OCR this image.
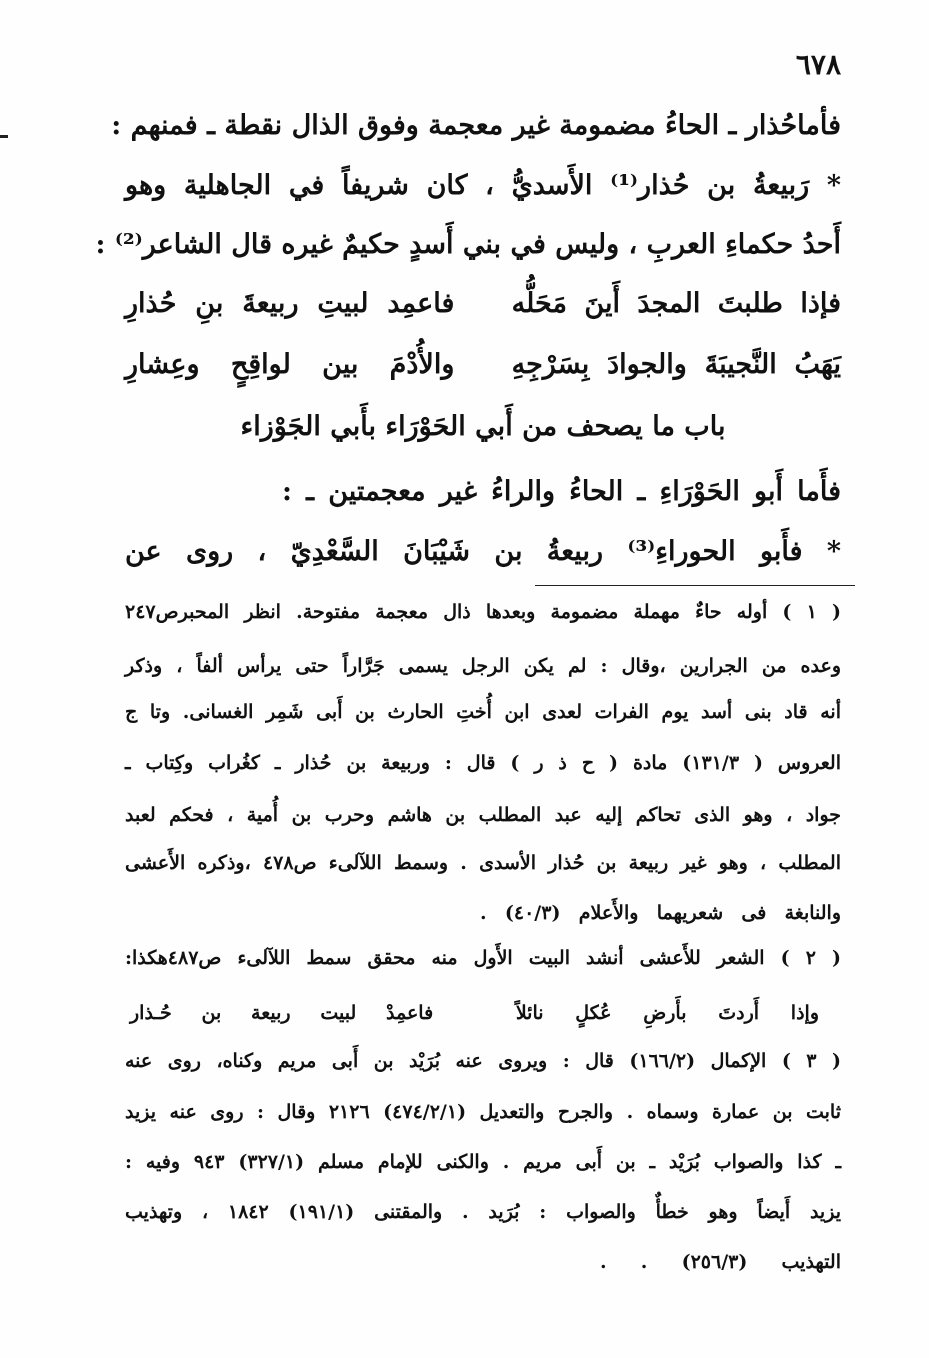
٦٧٨
فأماحُذار ـ الحاءُ مضمومة غير معجمة وفوق الذال نقطة ـ فمنهم :
* رَبيعةُ بن حُذار⁽¹⁾ الأَسديُّ ، كان شريفاً في الجاهلية وهو
أَحدُ حكماءِ العربِ ، وليس في بني أَسدٍ حكيمٌ غيره قال الشاعر⁽²⁾ :
فإذا طلبتَ المجدَ أَينَ مَحَلُّه
فاعمِد لبيتِ ربيعةَ بنِ حُذارِ
يَهَبُ النَّجيبَةَ والجوادَ بِسَرْجِهِ
والأُدْمَ بين لواقِحٍ وعِشارِ
باب ما يصحف من أَبي الحَوْرَاء بأَبي الجَوْزاء
فأَما أَبو الحَوْرَاءِ ـ الحاءُ والراءُ غير معجمتين ـ :
* فأَبو الحوراءِ⁽³⁾ ربيعةُ بن شَيْبَانَ السَّعْدِيّ ، روى عن
( ١ ) أوله حاءٌ مهملة مضمومة وبعدها ذال معجمة مفتوحة. انظر المحبرص٢٤٧
وعده من الجرارين ،وقال : لم يكن الرجل يسمى جَرَّاراً حتى يرأس ألفاً ، وذكر
أنه قاد بنى أسد يوم الفرات لعدى ابن أُختِ الحارث بن أَبى شَمِر الغسانى. وتا ج
العروس ( ١٣١/٣) مادة ( ح ذ ر ) قال : وربيعة بن حُذار ـ كغُراب وكِتاب ـ
جواد ، وهو الذى تحاكم إليه عبد المطلب بن هاشم وحرب بن أُمية ، فحكم لعبد
المطلب ، وهو غير ربيعة بن حُذار الأسدى . وسمط اللآلىء ص٤٧٨ ،وذكره الأَعشى
والنابغة فى شعريهما والأَعلام (٤٠/٣) .
( ٢ ) الشعر للأَعشى أنشد البيت الأَول منه محقق سمط اللآلىء ص٤٨٧هكذا:
وإذا أَردتَ بأَرضِ عُكلٍ نائلاً
فاعمِدْ لبيت ربيعة بن حُـذار
( ٣ ) الإكمال (١٦٦/٢) قال : ويروى عنه بُرَيْد بن أَبى مريم وكناه، روى عنه
ثابت بن عمارة وسماه . والجرح والتعديل (٤٧٤/٢/١) ٢١٢٦ وقال : روى عنه يزيد
ـ كذا والصواب بُرَيْد ـ بن أَبى مريم . والكنى للإمام مسلم (٣٢٧/١) ٩٤٣ وفيه :
يزيد أَيضاً وهو خطأٌ والصواب : بُرَيد . والمقتنى (١٩١/١) ١٨٤٢ ، وتهذيب
التهذيب (٢٥٦/٣) . .
